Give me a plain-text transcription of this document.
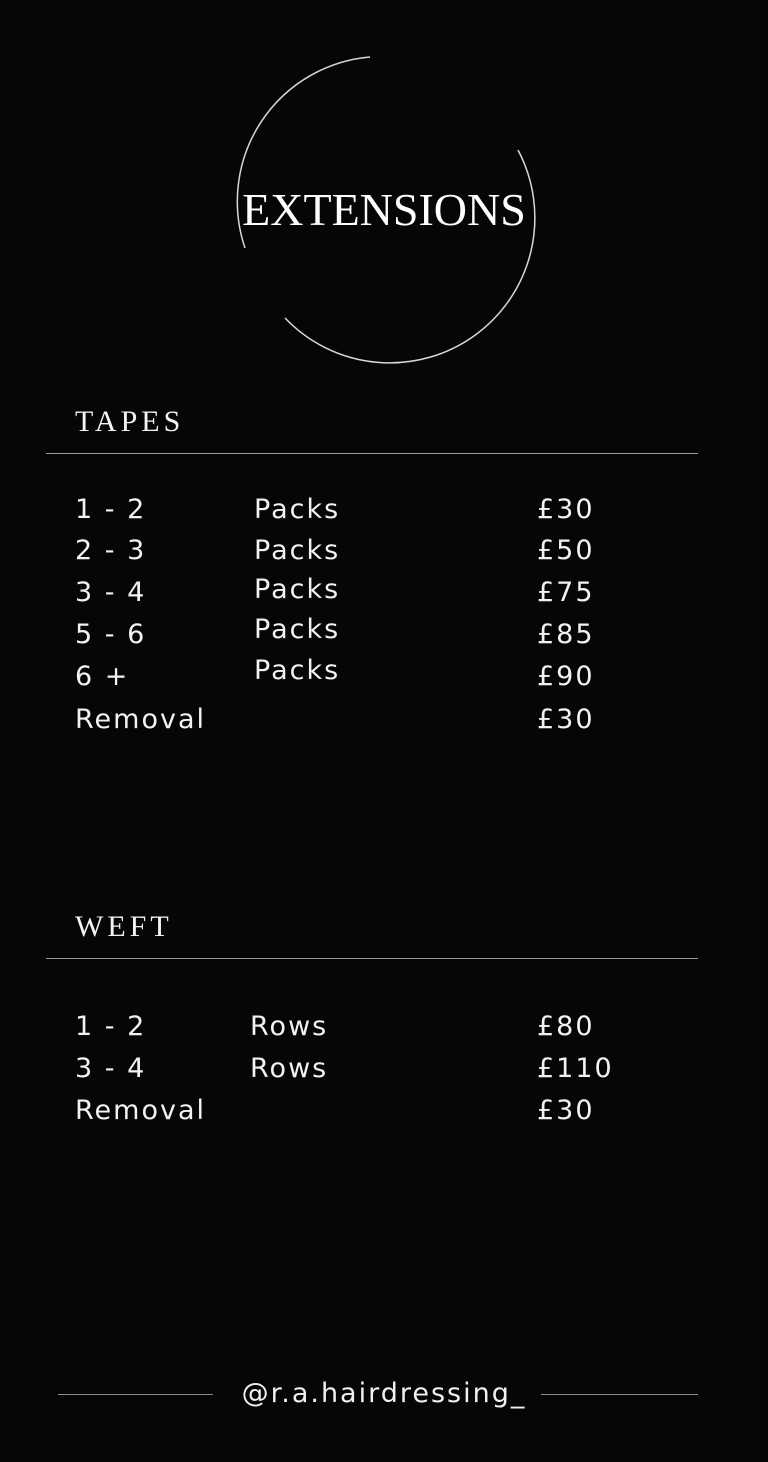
EXTENSIONS
TAPES
1 - 2	Packs	£30
2 - 3	Packs	£50
3 - 4	Packs	£75
5 - 6	Packs	£85
6 +	Packs	£90
Removal	£30
WEFT
1 - 2	Rows	£80
3 - 4	Rows	£110
Removal	£30
@r.a.hairdressing_
